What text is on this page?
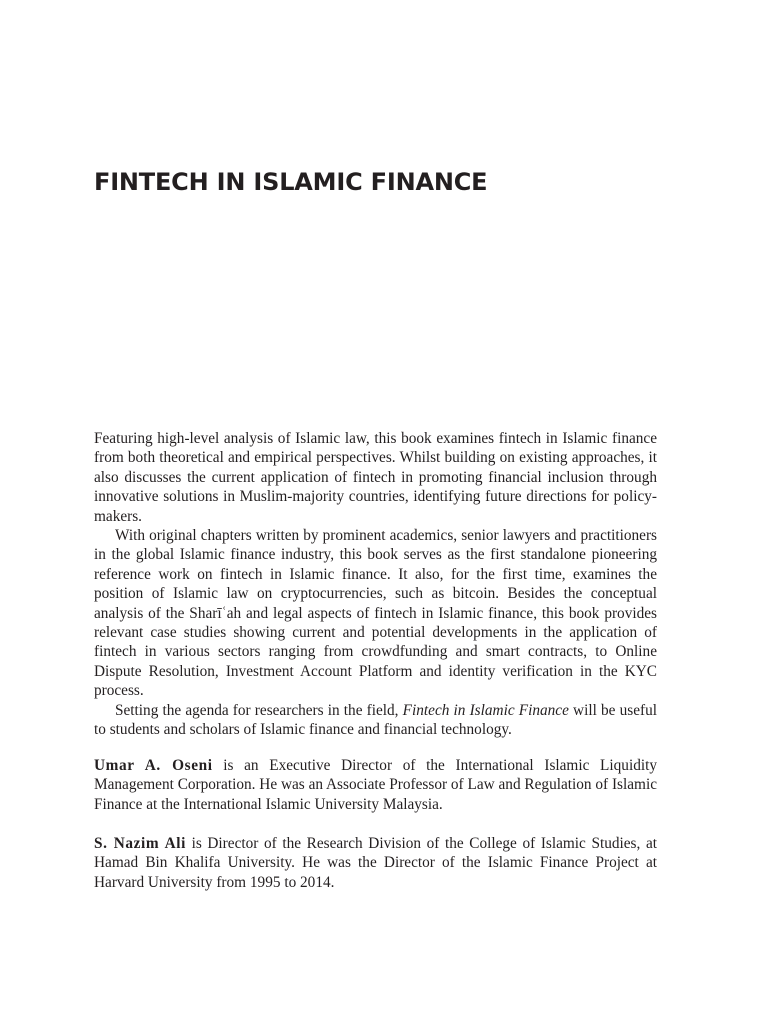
FINTECH IN ISLAMIC FINANCE

Featuring high-level analysis of Islamic law, this book examines fintech in Islamic finance from both theoretical and empirical perspectives. Whilst building on existing approaches, it also discusses the current application of fintech in promoting financial inclusion through innovative solutions in Muslim-majority countries, identifying future directions for policy-makers.

With original chapters written by prominent academics, senior lawyers and practitioners in the global Islamic finance industry, this book serves as the first standalone pioneering reference work on fintech in Islamic finance. It also, for the first time, examines the position of Islamic law on cryptocurrencies, such as bitcoin. Besides the conceptual analysis of the Sharīʿah and legal aspects of fintech in Islamic finance, this book provides relevant case studies showing current and potential developments in the application of fintech in various sectors ranging from crowdfunding and smart contracts, to Online Dispute Resolution, Investment Account Platform and identity verification in the KYC process.

Setting the agenda for researchers in the field, Fintech in Islamic Finance will be useful to students and scholars of Islamic finance and financial technology.

Umar A. Oseni is an Executive Director of the International Islamic Liquidity Management Corporation. He was an Associate Professor of Law and Regulation of Islamic Finance at the International Islamic University Malaysia.

S. Nazim Ali is Director of the Research Division of the College of Islamic Studies, at Hamad Bin Khalifa University. He was the Director of the Islamic Finance Project at Harvard University from 1995 to 2014.
